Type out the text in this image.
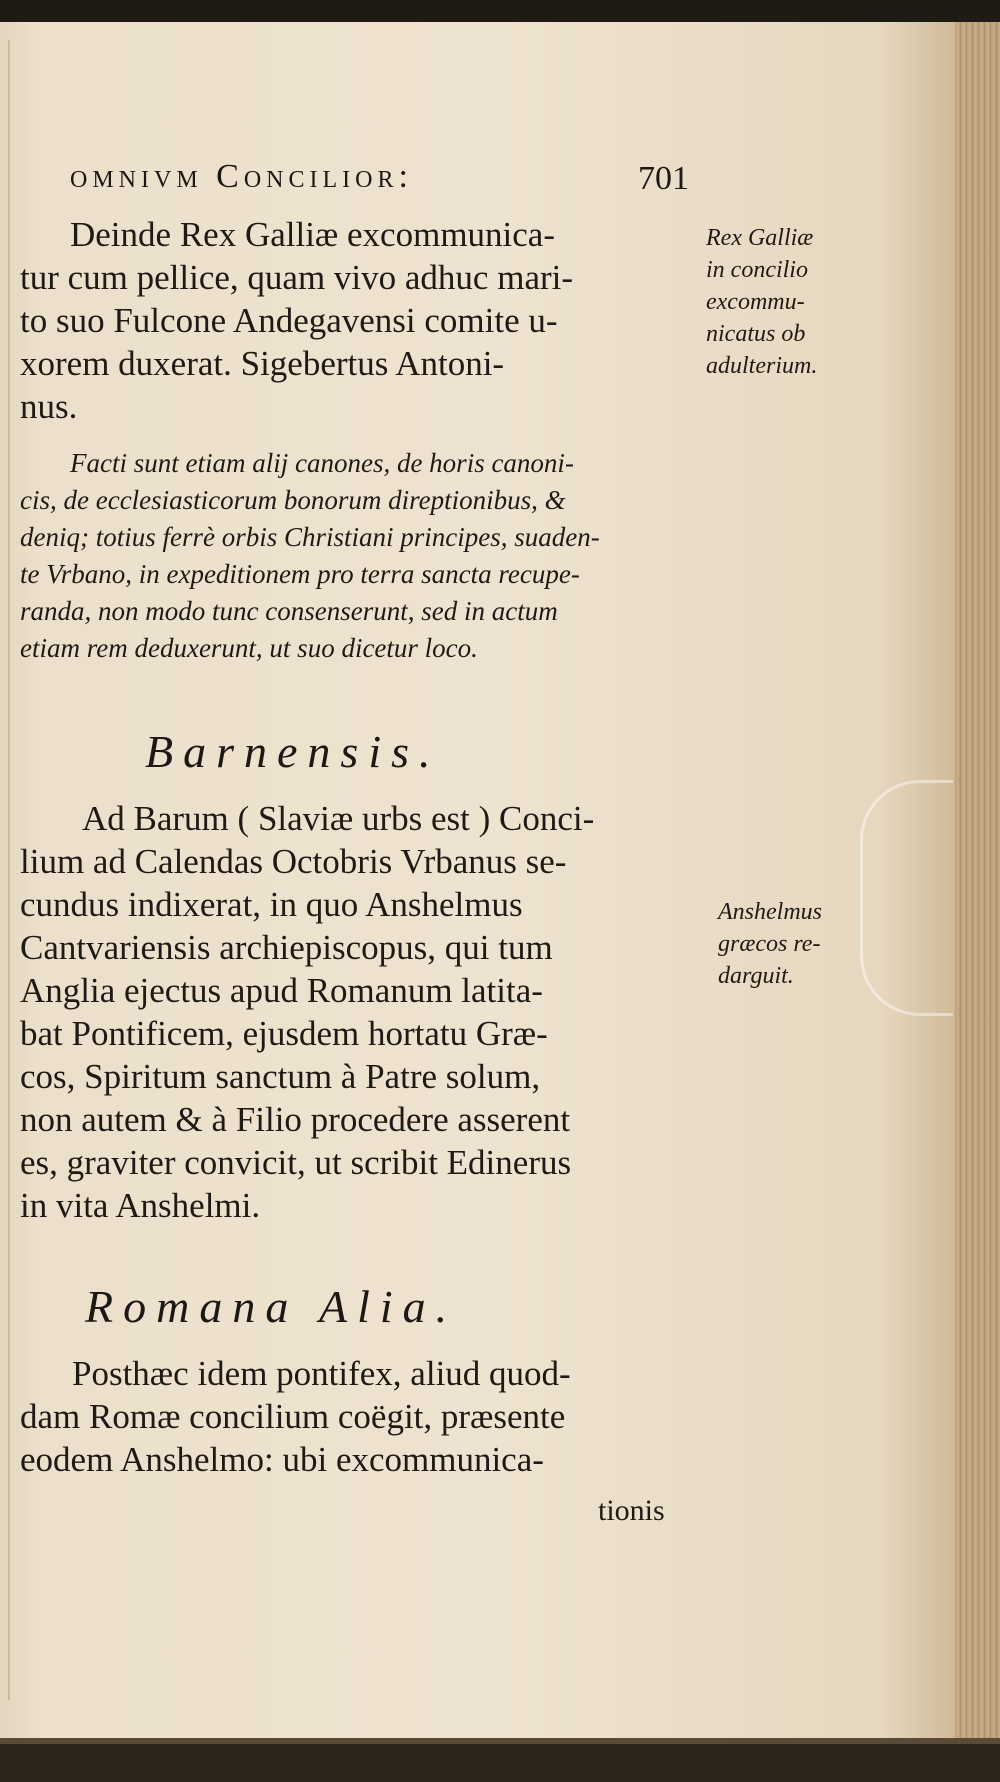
omnivm Concilior:	701
Deinde Rex Galliæ excommunica-
tur cum pellice, quam vivo adhuc mari-
to suo Fulcone Andegavensi comite u-
xorem duxerat. Sigebertus Antoni-
nus.
Facti sunt etiam alij canones, de horis canoni-
cis, de ecclesiasticorum bonorum direptionibus, &
deniq; totius ferrè orbis Christiani principes, suaden-
te Vrbano, in expeditionem pro terra sancta recupe-
randa, non modo tunc consenserunt, sed in actum
etiam rem deduxerunt, ut suo dicetur loco.
Barnensis.
Ad Barum ( Slaviæ urbs est ) Conci-
lium ad Calendas Octobris Vrbanus se-
cundus indixerat, in quo Anshelmus
Cantvariensis archiepiscopus, qui tum
Anglia ejectus apud Romanum latita-
bat Pontificem, ejusdem hortatu Græ-
cos, Spiritum sanctum à Patre solum,
non autem & à Filio procedere asserent
es, graviter convicit, ut scribit Edinerus
in vita Anshelmi.
Romana Alia.
Posthæc idem pontifex, aliud quod-
dam Romæ concilium coëgit, præsente
eodem Anshelmo: ubi excommunica-
tionis
Rex Galliæ
in concilio
excommu-
nicatus ob
adulterium.
Anshelmus
græcos re-
darguit.
